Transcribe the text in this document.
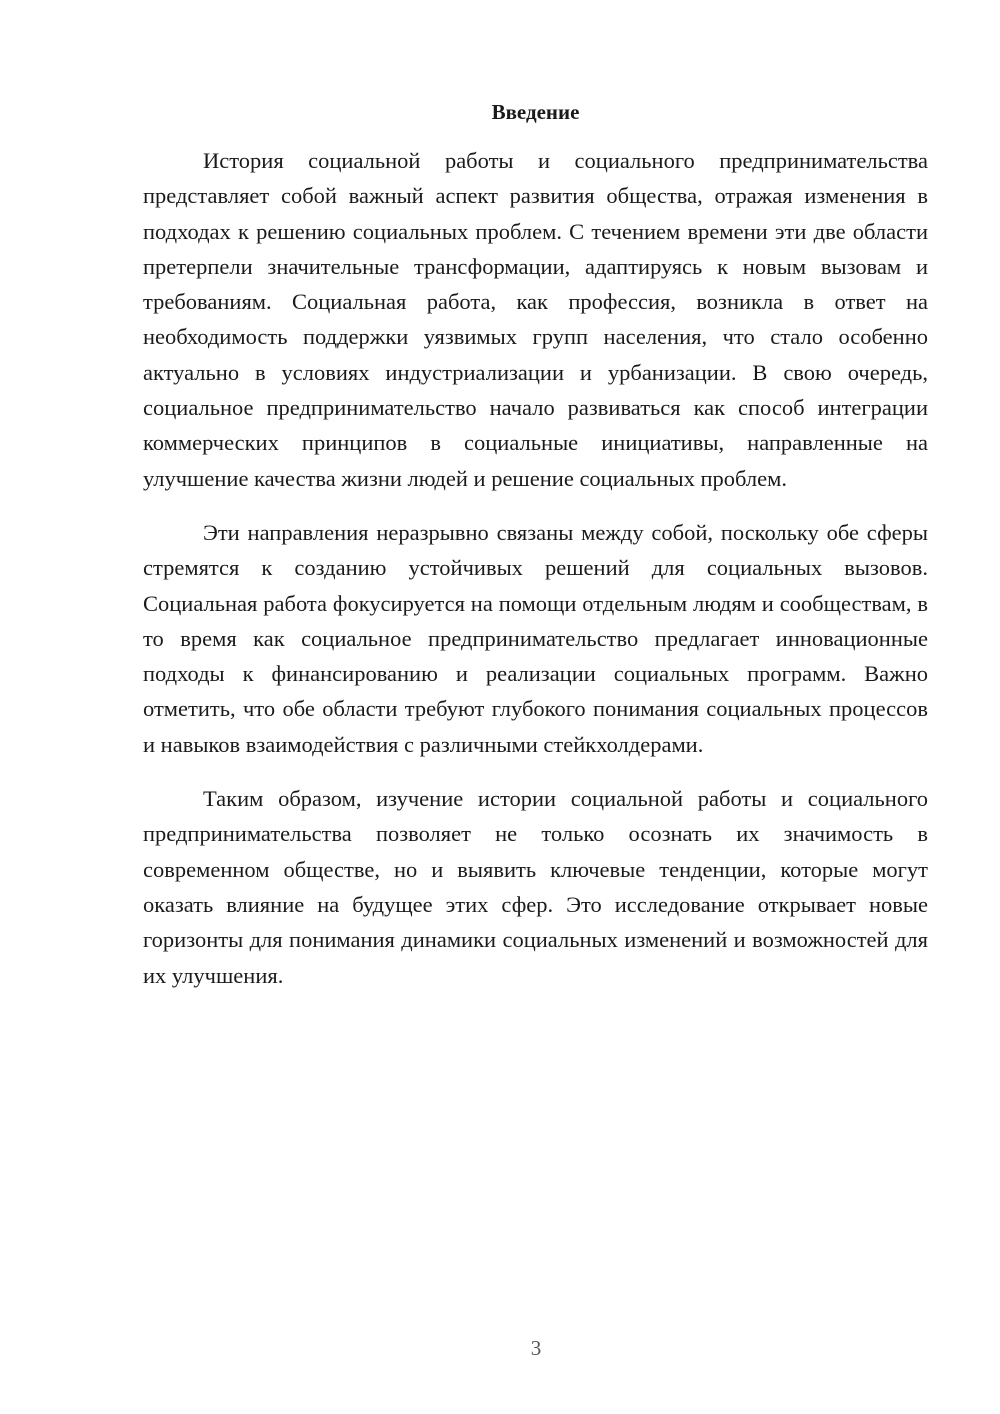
Введение

История социальной работы и социального предпринимательства представляет собой важный аспект развития общества, отражая изменения в подходах к решению социальных проблем. С течением времени эти две области претерпели значительные трансформации, адаптируясь к новым вызовам и требованиям. Социальная работа, как профессия, возникла в ответ на необходимость поддержки уязвимых групп населения, что стало особенно актуально в условиях индустриализации и урбанизации. В свою очередь, социальное предпринимательство начало развиваться как способ интеграции коммерческих принципов в социальные инициативы, направленные на улучшение качества жизни людей и решение социальных проблем.

Эти направления неразрывно связаны между собой, поскольку обе сферы стремятся к созданию устойчивых решений для социальных вызовов. Социальная работа фокусируется на помощи отдельным людям и сообществам, в то время как социальное предпринимательство предлагает инновационные подходы к финансированию и реализации социальных программ. Важно отметить, что обе области требуют глубокого понимания социальных процессов и навыков взаимодействия с различными стейкхолдерами.

Таким образом, изучение истории социальной работы и социального предпринимательства позволяет не только осознать их значимость в современном обществе, но и выявить ключевые тенденции, которые могут оказать влияние на будущее этих сфер. Это исследование открывает новые горизонты для понимания динамики социальных изменений и возможностей для их улучшения.

3
